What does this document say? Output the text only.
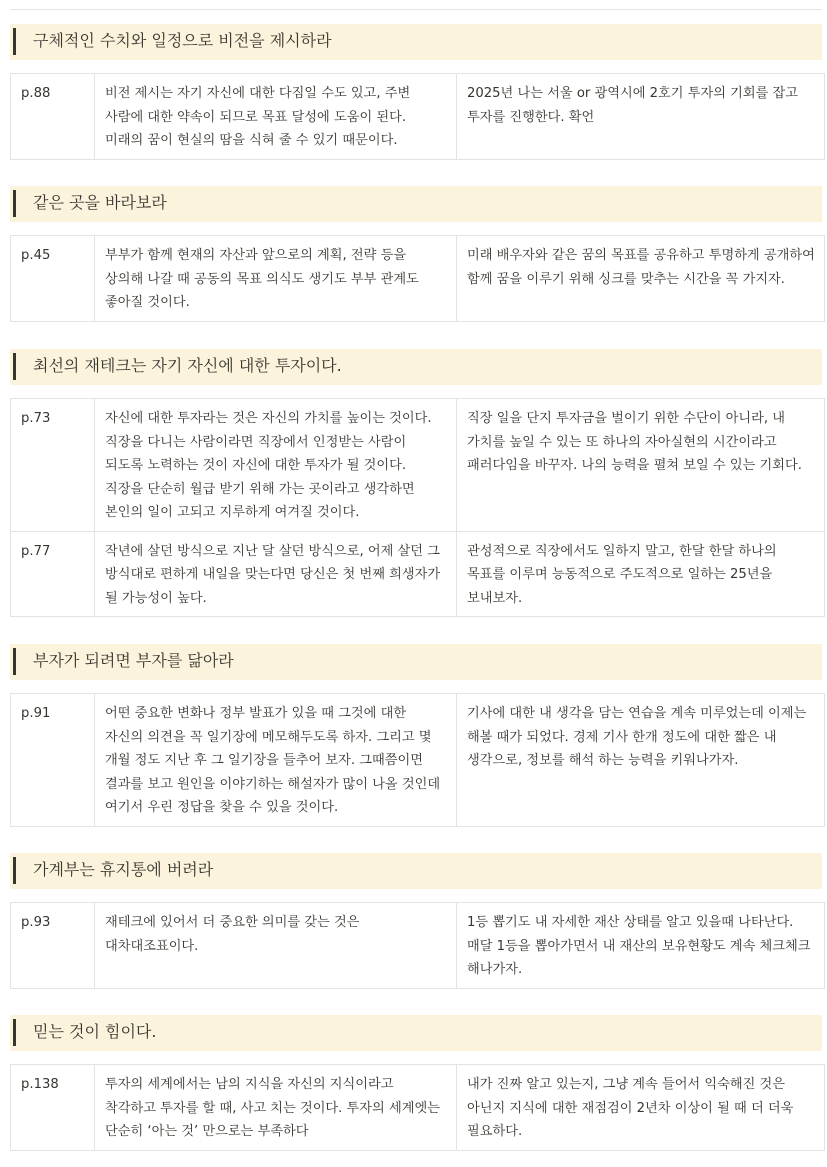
구체적인 수치와 일정으로 비전을 제시하라
p.88	비전 제시는 자기 자신에 대한 다짐일 수도 있고, 주변 사람에 대한 약속이 되므로 목표 달성에 도움이 된다. 미래의 꿈이 현실의 땀을 식혀 줄 수 있기 때문이다.	2025년 나는 서울 or 광역시에 2호기 투자의 기회를 잡고 투자를 진행한다. 확언
같은 곳을 바라보라
p.45	부부가 함께 현재의 자산과 앞으로의 계획, 전략 등을 상의해 나갈 때 공동의 목표 의식도 생기도 부부 관계도 좋아질 것이다.	미래 배우자와 같은 꿈의 목표를 공유하고 투명하게 공개하여 함께 꿈을 이루기 위해 싱크를 맞추는 시간을 꼭 가지자.
최선의 재테크는 자기 자신에 대한 투자이다.
p.73	자신에 대한 투자라는 것은 자신의 가치를 높이는 것이다. 직장을 다니는 사람이라면 직장에서 인정받는 사람이 되도록 노력하는 것이 자신에 대한 투자가 될 것이다. 직장을 단순히 월급 받기 위해 가는 곳이라고 생각하면 본인의 일이 고되고 지루하게 여겨질 것이다.	직장 일을 단지 투자금을 벌이기 위한 수단이 아니라, 내 가치를 높일 수 있는 또 하나의 자아실현의 시간이라고 패러다임을 바꾸자. 나의 능력을 펼쳐 보일 수 있는 기회다.
p.77	작년에 살던 방식으로 지난 달 살던 방식으로, 어제 살던 그 방식대로 편하게 내일을 맞는다면 당신은 첫 번째 희생자가 될 가능성이 높다.	관성적으로 직장에서도 일하지 말고, 한달 한달 하나의 목표를 이루며 능동적으로 주도적으로 일하는 25년을 보내보자.
부자가 되려면 부자를 닮아라
p.91	어떤 중요한 변화나 정부 발표가 있을 때 그것에 대한 자신의 의견을 꼭 일기장에 메모해두도록 하자. 그리고 몇 개월 정도 지난 후 그 일기장을 들추어 보자. 그때쯤이면 결과를 보고 원인을 이야기하는 해설자가 많이 나올 것인데 여기서 우린 정답을 찾을 수 있을 것이다.	기사에 대한 내 생각을 담는 연습을 계속 미루었는데 이제는 해볼 때가 되었다. 경제 기사 한개 정도에 대한 짧은 내 생각으로, 정보를 해석 하는 능력을 키워나가자.
가계부는 휴지통에 버려라
p.93	재테크에 있어서 더 중요한 의미를 갖는 것은 대차대조표이다.	1등 뽑기도 내 자세한 재산 상태를 알고 있을때 나타난다. 매달 1등을 뽑아가면서 내 재산의 보유현황도 계속 체크체크 해나가자.
믿는 것이 힘이다.
p.138	투자의 세계에서는 남의 지식을 자신의 지식이라고 착각하고 투자를 할 때, 사고 치는 것이다. 투자의 세계엣는 단순히 ‘아는 것’ 만으로는 부족하다	내가 진짜 알고 있는지, 그냥 계속 들어서 익숙해진 것은 아닌지 지식에 대한 재점검이 2년차 이상이 될 때 더 더욱 필요하다.
